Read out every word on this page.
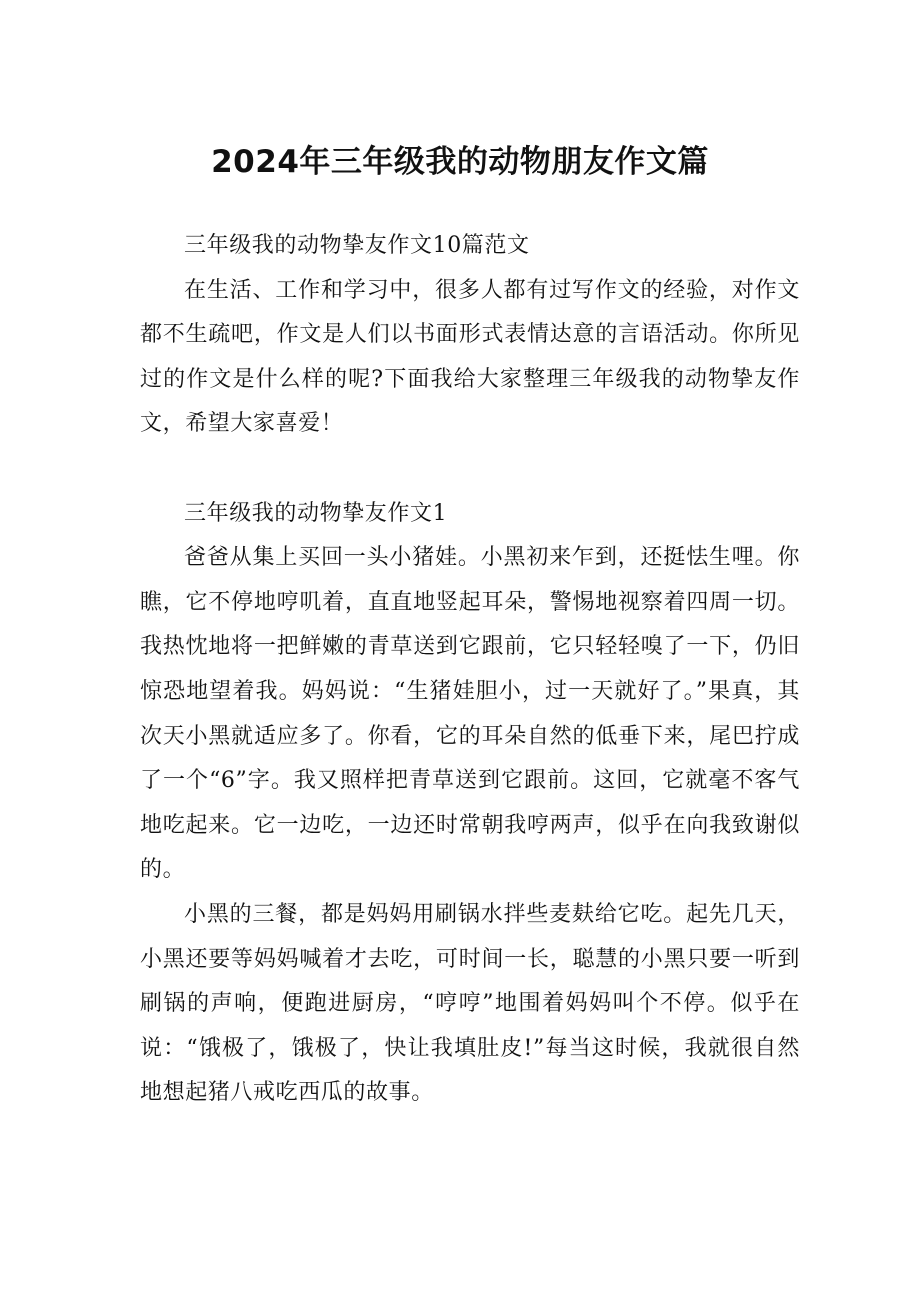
2024年三年级我的动物朋友作文篇

三年级我的动物挚友作文10篇范文

在生活、工作和学习中，很多人都有过写作文的经验，对作文都不生疏吧，作文是人们以书面形式表情达意的言语活动。你所见过的作文是什么样的呢?下面我给大家整理三年级我的动物挚友作文，希望大家喜爱！

三年级我的动物挚友作文1

爸爸从集上买回一头小猪娃。小黑初来乍到，还挺怯生哩。你瞧，它不停地哼叽着，直直地竖起耳朵，警惕地视察着四周一切。我热忱地将一把鲜嫩的青草送到它跟前，它只轻轻嗅了一下，仍旧惊恐地望着我。妈妈说：“生猪娃胆小，过一天就好了。”果真，其次天小黑就适应多了。你看，它的耳朵自然的低垂下来，尾巴拧成了一个“6”字。我又照样把青草送到它跟前。这回，它就毫不客气地吃起来。它一边吃，一边还时常朝我哼两声，似乎在向我致谢似的。

小黑的三餐，都是妈妈用刷锅水拌些麦麸给它吃。起先几天，小黑还要等妈妈喊着才去吃，可时间一长，聪慧的小黑只要一听到刷锅的声响，便跑进厨房，“哼哼”地围着妈妈叫个不停。似乎在说：“饿极了，饿极了，快让我填肚皮!”每当这时候，我就很自然地想起猪八戒吃西瓜的故事。
